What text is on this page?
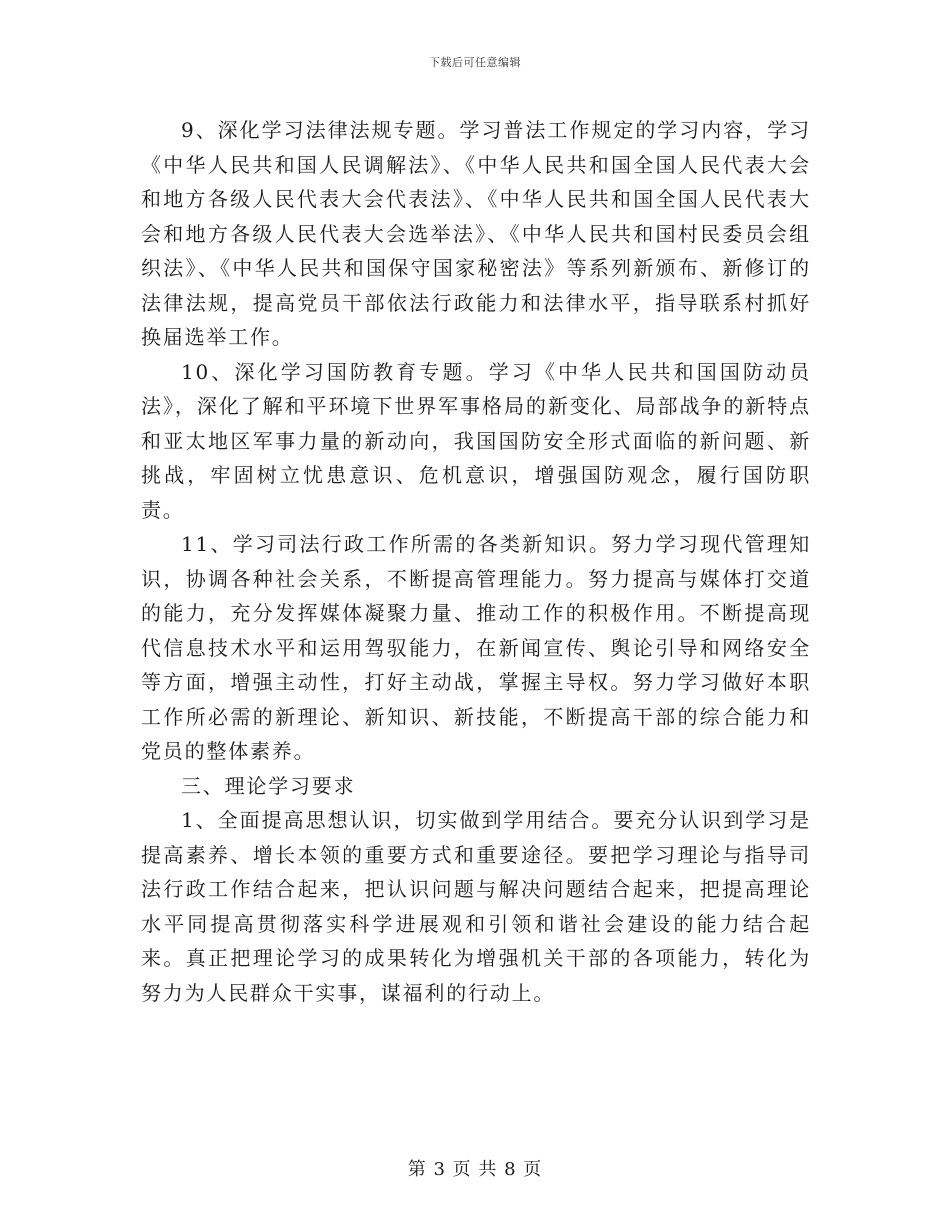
下载后可任意编辑

9、深化学习法律法规专题。学习普法工作规定的学习内容，学习《中华人民共和国人民调解法》、《中华人民共和国全国人民代表大会和地方各级人民代表大会代表法》、《中华人民共和国全国人民代表大会和地方各级人民代表大会选举法》、《中华人民共和国村民委员会组织法》、《中华人民共和国保守国家秘密法》等系列新颁布、新修订的法律法规，提高党员干部依法行政能力和法律水平，指导联系村抓好换届选举工作。

10、深化学习国防教育专题。学习《中华人民共和国国防动员法》，深化了解和平环境下世界军事格局的新变化、局部战争的新特点和亚太地区军事力量的新动向，我国国防安全形式面临的新问题、新挑战，牢固树立忧患意识、危机意识，增强国防观念，履行国防职责。

11、学习司法行政工作所需的各类新知识。努力学习现代管理知识，协调各种社会关系，不断提高管理能力。努力提高与媒体打交道的能力，充分发挥媒体凝聚力量、推动工作的积极作用。不断提高现代信息技术水平和运用驾驭能力，在新闻宣传、舆论引导和网络安全等方面，增强主动性，打好主动战，掌握主导权。努力学习做好本职工作所必需的新理论、新知识、新技能，不断提高干部的综合能力和党员的整体素养。

三、理论学习要求

1、全面提高思想认识，切实做到学用结合。要充分认识到学习是提高素养、增长本领的重要方式和重要途径。要把学习理论与指导司法行政工作结合起来，把认识问题与解决问题结合起来，把提高理论水平同提高贯彻落实科学进展观和引领和谐社会建设的能力结合起来。真正把理论学习的成果转化为增强机关干部的各项能力，转化为努力为人民群众干实事，谋福利的行动上。

第 3 页 共 8 页
